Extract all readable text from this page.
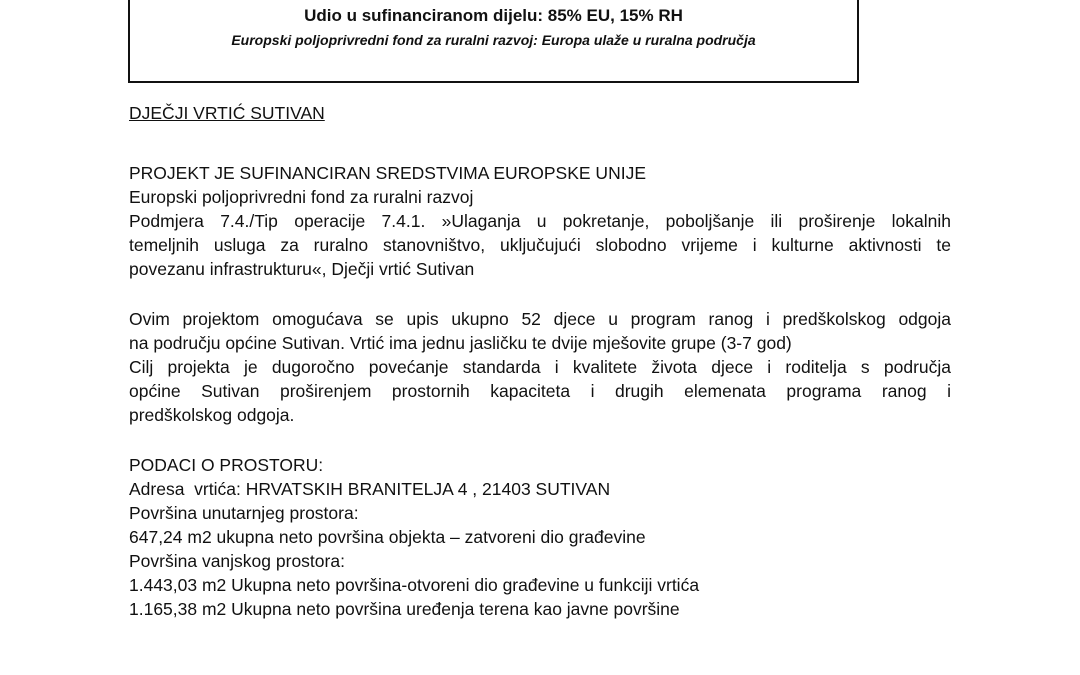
Udio u sufinanciranom dijelu: 85% EU, 15% RH
Europski poljoprivredni fond za ruralni razvoj: Europa ulaže u ruralna područja

DJEČJI VRTIĆ SUTIVAN

PROJEKT JE SUFINANCIRAN SREDSTVIMA EUROPSKE UNIJE

Europski poljoprivredni fond za ruralni razvoj

Podmjera 7.4./Tip operacije 7.4.1. »Ulaganja u pokretanje, poboljšanje ili proširenje lokalnih

temeljnih usluga za ruralno stanovništvo, uključujući slobodno vrijeme i kulturne aktivnosti te

povezanu infrastrukturu«, Dječji vrtić Sutivan

Ovim projektom omogućava se upis ukupno 52 djece u program ranog i predškolskog odgoja

na području općine Sutivan. Vrtić ima jednu jasličku te dvije mješovite grupe (3-7 god)

Cilj projekta je dugoročno povećanje standarda i kvalitete života djece i roditelja s područja

općine Sutivan proširenjem prostornih kapaciteta i drugih elemenata programa ranog i

predškolskog odgoja.

PODACI O PROSTORU:

Adresa  vrtića: HRVATSKIH BRANITELJA 4 , 21403 SUTIVAN

Površina unutarnjeg prostora:

647,24 m2 ukupna neto površina objekta – zatvoreni dio građevine

Površina vanjskog prostora:

1.443,03 m2 Ukupna neto površina-otvoreni dio građevine u funkciji vrtića

1.165,38 m2 Ukupna neto površina uređenja terena kao javne površine
